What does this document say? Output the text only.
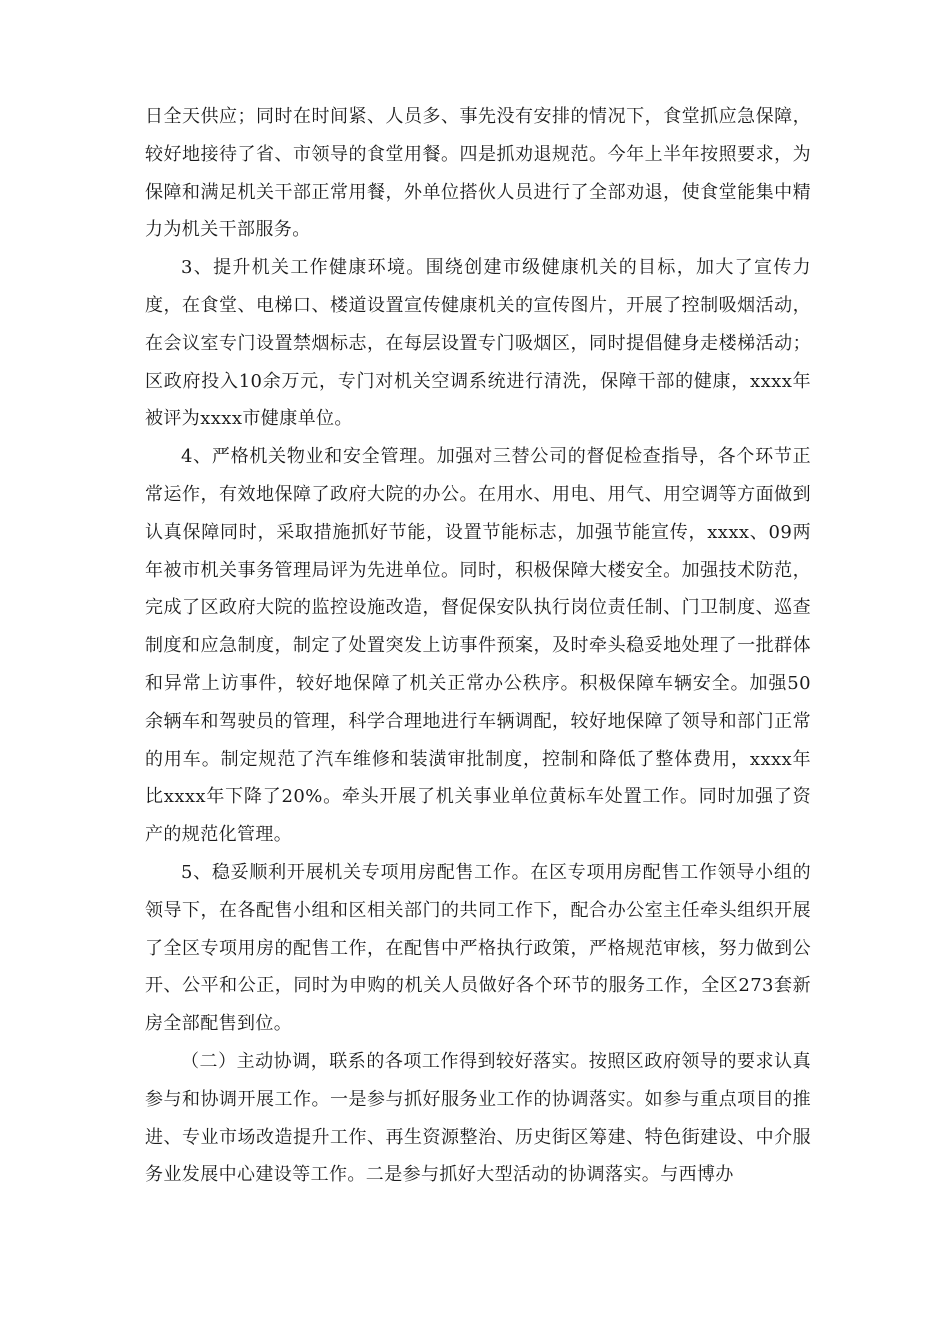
日全天供应；同时在时间紧、人员多、事先没有安排的情况下，食堂抓应急保障，较好地接待了省、市领导的食堂用餐。四是抓劝退规范。今年上半年按照要求，为保障和满足机关干部正常用餐，外单位搭伙人员进行了全部劝退，使食堂能集中精力为机关干部服务。

3、提升机关工作健康环境。围绕创建市级健康机关的目标，加大了宣传力度，在食堂、电梯口、楼道设置宣传健康机关的宣传图片，开展了控制吸烟活动，在会议室专门设置禁烟标志，在每层设置专门吸烟区，同时提倡健身走楼梯活动；区政府投入10余万元，专门对机关空调系统进行清洗，保障干部的健康，xxxx年被评为xxxx市健康单位。

4、严格机关物业和安全管理。加强对三替公司的督促检查指导，各个环节正常运作，有效地保障了政府大院的办公。在用水、用电、用气、用空调等方面做到认真保障同时，采取措施抓好节能，设置节能标志，加强节能宣传，xxxx、09两年被市机关事务管理局评为先进单位。同时，积极保障大楼安全。加强技术防范，完成了区政府大院的监控设施改造，督促保安队执行岗位责任制、门卫制度、巡查制度和应急制度，制定了处置突发上访事件预案，及时牵头稳妥地处理了一批群体和异常上访事件，较好地保障了机关正常办公秩序。积极保障车辆安全。加强50余辆车和驾驶员的管理，科学合理地进行车辆调配，较好地保障了领导和部门正常的用车。制定规范了汽车维修和装潢审批制度，控制和降低了整体费用，xxxx年比xxxx年下降了20%。牵头开展了机关事业单位黄标车处置工作。同时加强了资产的规范化管理。

5、稳妥顺利开展机关专项用房配售工作。在区专项用房配售工作领导小组的领导下，在各配售小组和区相关部门的共同工作下，配合办公室主任牵头组织开展了全区专项用房的配售工作，在配售中严格执行政策，严格规范审核，努力做到公开、公平和公正，同时为申购的机关人员做好各个环节的服务工作，全区273套新房全部配售到位。

（二）主动协调，联系的各项工作得到较好落实。按照区政府领导的要求认真参与和协调开展工作。一是参与抓好服务业工作的协调落实。如参与重点项目的推进、专业市场改造提升工作、再生资源整治、历史街区筹建、特色街建设、中介服务业发展中心建设等工作。二是参与抓好大型活动的协调落实。与西博办
